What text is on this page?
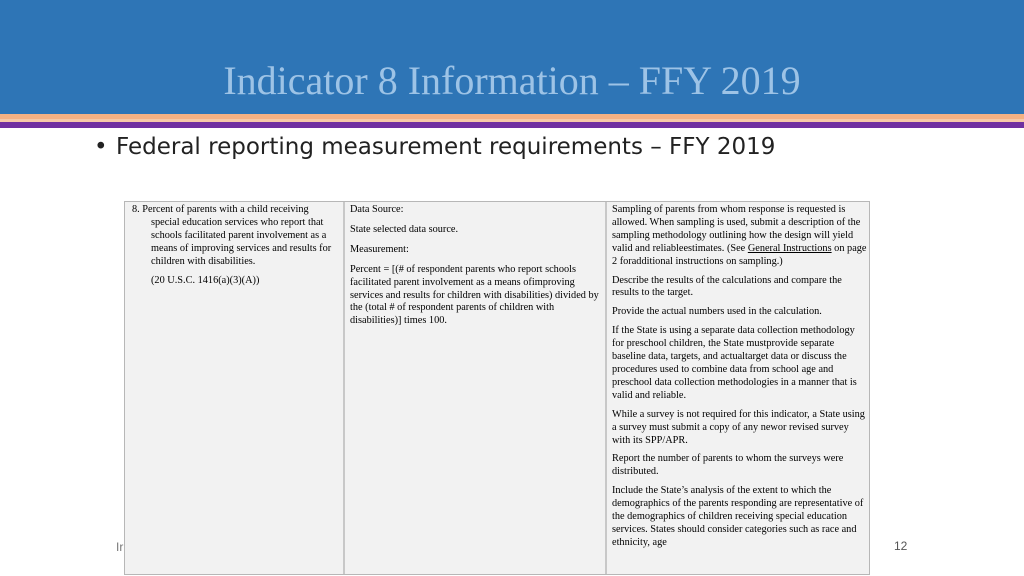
Indicator 8 Information – FFY 2019
• Federal reporting measurement requirements – FFY 2019

8. Percent of parents with a child receiving special education services who report that schools facilitated parent involvement as a means of improving services and results for children with disabilities.

(20 U.S.C. 1416(a)(3)(A))

Data Source:

State selected data source.

Measurement:

Percent = [(# of respondent parents who report schools facilitated parent involvement as a means ofimproving services and results for children with disabilities) divided by the (total # of respondent parents of children with disabilities)] times 100.

Sampling of parents from whom response is requested is allowed. When sampling is used, submit a description of the sampling methodology outlining how the design will yield valid and reliableestimates. (See General Instructions on page 2 foradditional instructions on sampling.)

Describe the results of the calculations and compare the results to the target.

Provide the actual numbers used in the calculation.

If the State is using a separate data collection methodology for preschool children, the State mustprovide separate baseline data, targets, and actualtarget data or discuss the procedures used to combine data from school age and preschool data collection methodologies in a manner that is valid and reliable.

While a survey is not required for this indicator, a State using a survey must submit a copy of any newor revised survey with its SPP/APR.

Report the number of parents to whom the surveys were distributed.

Include the State’s analysis of the extent to which the demographics of the parents responding are representative of the demographics of children receiving special education services. States should consider categories such as race and ethnicity, age

Ir	12
